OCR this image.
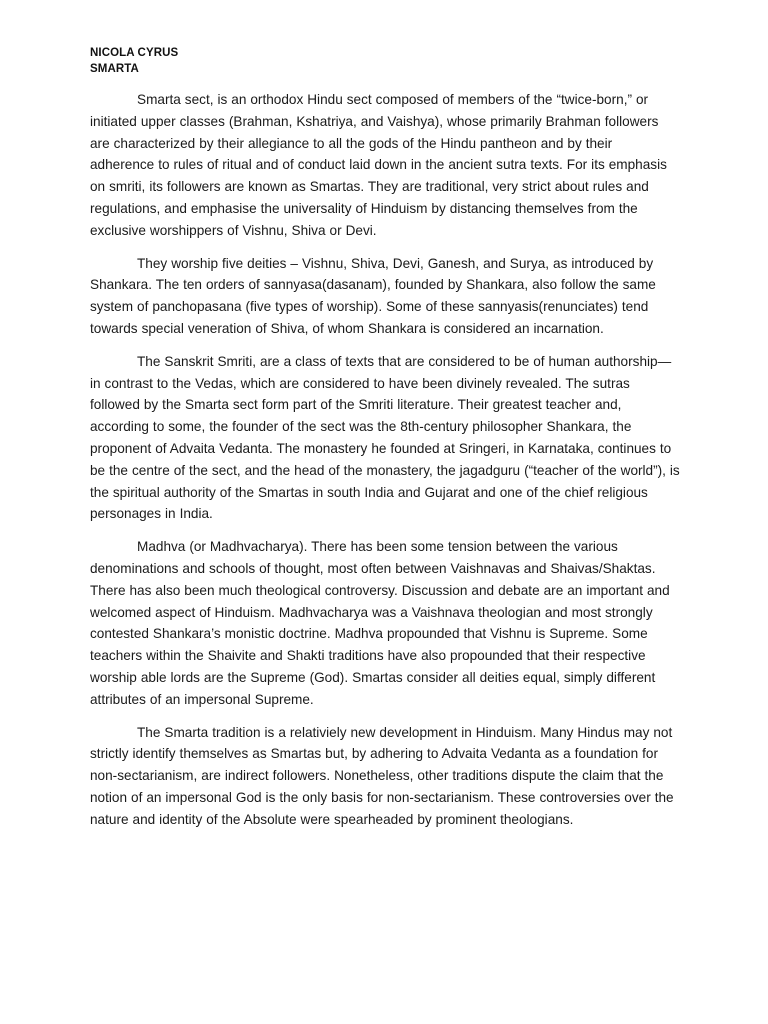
NICOLA CYRUS
SMARTA

Smarta sect, is an orthodox Hindu sect composed of members of the “twice-born,” or initiated upper classes (Brahman, Kshatriya, and Vaishya), whose primarily Brahman followers are characterized by their allegiance to all the gods of the Hindu pantheon and by their adherence to rules of ritual and of conduct laid down in the ancient sutra texts. For its emphasis on smriti, its followers are known as Smartas. They are traditional, very strict about rules and regulations, and emphasise the universality of Hinduism by distancing themselves from the exclusive worshippers of Vishnu, Shiva or Devi.

They worship five deities – Vishnu, Shiva, Devi, Ganesh, and Surya, as introduced by Shankara. The ten orders of sannyasa(dasanam), founded by Shankara, also follow the same system of panchopasana (five types of worship). Some of these sannyasis(renunciates) tend towards special veneration of Shiva, of whom Shankara is considered an incarnation.

The Sanskrit Smriti, are a class of texts that are considered to be of human authorship—in contrast to the Vedas, which are considered to have been divinely revealed. The sutras followed by the Smarta sect form part of the Smriti literature. Their greatest teacher and, according to some, the founder of the sect was the 8th-century philosopher Shankara, the proponent of Advaita Vedanta. The monastery he founded at Sringeri, in Karnataka, continues to be the centre of the sect, and the head of the monastery, the jagadguru (“teacher of the world”), is the spiritual authority of the Smartas in south India and Gujarat and one of the chief religious personages in India.

Madhva (or Madhvacharya). There has been some tension between the various denominations and schools of thought, most often between Vaishnavas and Shaivas/Shaktas. There has also been much theological controversy. Discussion and debate are an important and welcomed aspect of Hinduism. Madhvacharya was a Vaishnava theologian and most strongly contested Shankara’s monistic doctrine. Madhva propounded that Vishnu is Supreme. Some teachers within the Shaivite and Shakti traditions have also propounded that their respective worship able lords are the Supreme (God). Smartas consider all deities equal, simply different attributes of an impersonal Supreme.

The Smarta tradition is a relativiely new development in Hinduism. Many Hindus may not strictly identify themselves as Smartas but, by adhering to Advaita Vedanta as a foundation for non-sectarianism, are indirect followers. Nonetheless, other traditions dispute the claim that the notion of an impersonal God is the only basis for non-sectarianism. These controversies over the nature and identity of the Absolute were spearheaded by prominent theologians.
